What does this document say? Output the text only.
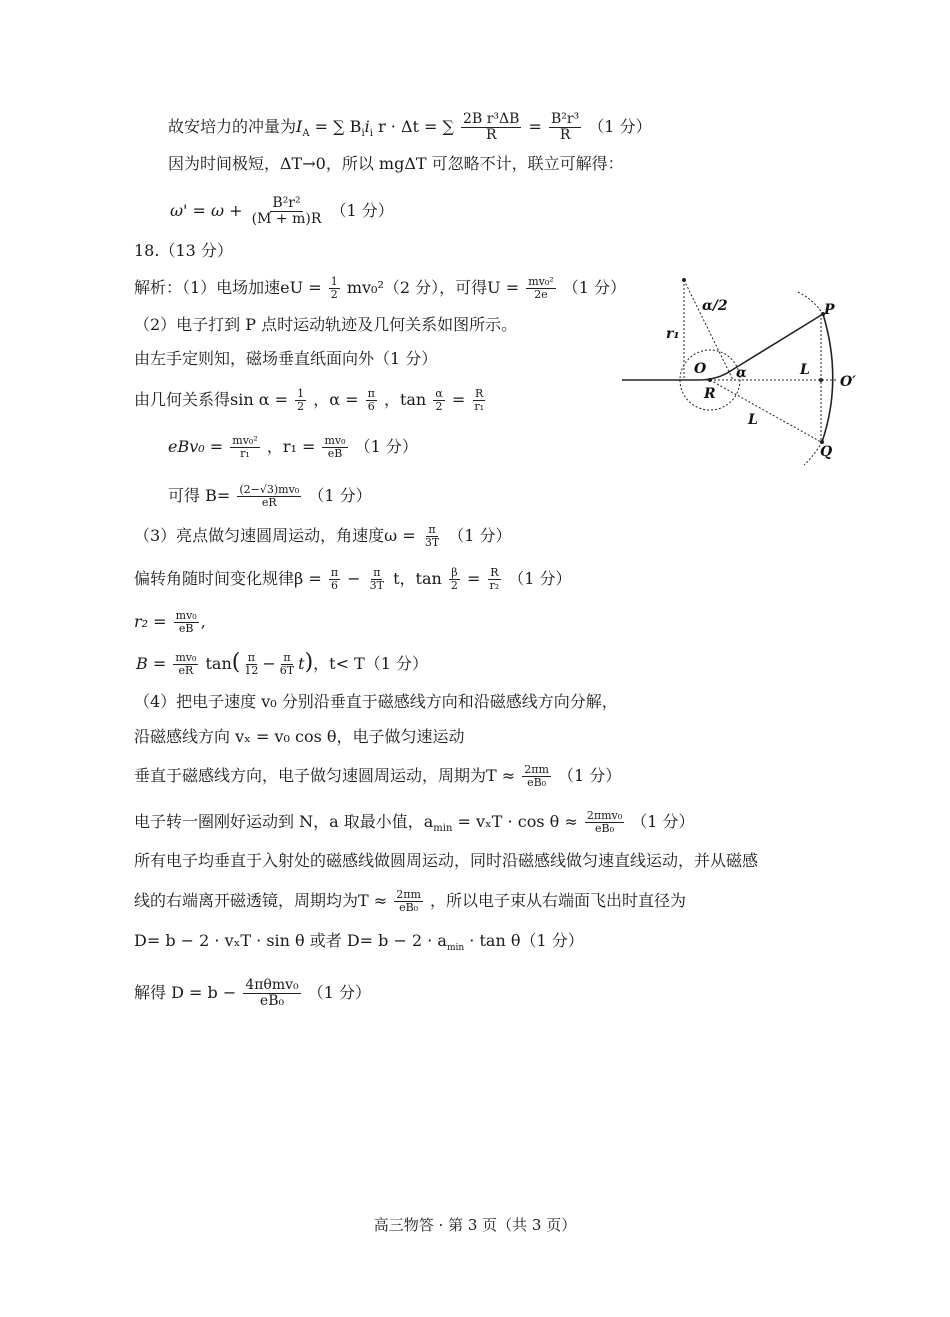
故安培力的冲量为$I_A$ = ∑ $B_ii_i$ r · Δt = ∑ $\frac{\text{2B r³ΔB}}{R} = \frac{\text{B²r³}}{R} (1$ 分）
因为时间极短，ΔT→0，所以 mgΔT 可忽略不计，联立可解得：
$\omega' = \omega + \frac{\text{B²r²}}{(M + m)R} (1$ 分）
18.（13 分）
解析：（1）电场加速eU = $\frac{1}{2} mv_0^2(2$ 分），可得$U = \frac{\text{mv₀²}}{2e} (1$ 分）
（2）电子打到 P 点时运动轨迹及几何关系如图所示。
由左手定则知，磁场垂直纸面向外（1 分）
由几何关系得$\sin \alpha = \frac{1}{2}$ ，$\alpha = \frac{\pi}{6}$ ，$\tan \frac{\alpha}{2} = \frac{R}{\text{r₁}}$
$eBv_0 = \frac{\text{mv₀²}}{\text{r₁}}$ ，$r_1 = \frac{\text{mv₀}}{eB} (1$ 分）
可得 $B= \frac{\text{(2−√3)mv₀}}{eR} (1$ 分）
（3）亮点做匀速圆周运动，角速度$\omega = \frac{\pi}{3T} (1$ 分）
偏转角随时间变化规律$\beta = \frac{\pi}{6} - \frac{\pi}{3T}$ t，$\tan \frac{\beta}{2} = \frac{R}{\text{r₂}} (1$ 分）
$r_2 = \frac{\text{mv₀}}{eB}$ ,
$B = \frac{\text{mv₀}}{eR} \tan( \frac{\pi}{12} - \frac{\pi}{6T} t)$，t< T（1 分）
（4）把电子速度 v₀ 分别沿垂直于磁感线方向和沿磁感线方向分解，
沿磁感线方向 vₓ = v₀ cos θ，电子做匀速运动
垂直于磁感线方向，电子做匀速圆周运动，周期为$T \approx \frac{2\pi m}{\text{eB₀}} (1$ 分）
电子转一圈刚好运动到 N，a 取最小值，$a_{min} = v_xT \cdot \cos \theta \approx 2\pi mv_0$
eB₀ （1 分）
所有电子均垂直于入射处的磁感线做圆周运动，同时沿磁感线做匀速直线运动，并从磁感
线的右端离开磁透镜，周期均为$T \approx \frac{2\pi m}{\text{eB₀}}$ ，所以电子束从右端面飞出时直径为
D= b − 2 · vₓT · sin θ 或者 $D= b - 2 \cdot a_{min} \cdot \tan \theta(1$ 分）
解得 D = b − 4πθmv₀
eB₀ （1 分）
α/2
r₁
P
O α	L
O′
R
L
Q
高三物答 · 第 3 页（共 3 页）
